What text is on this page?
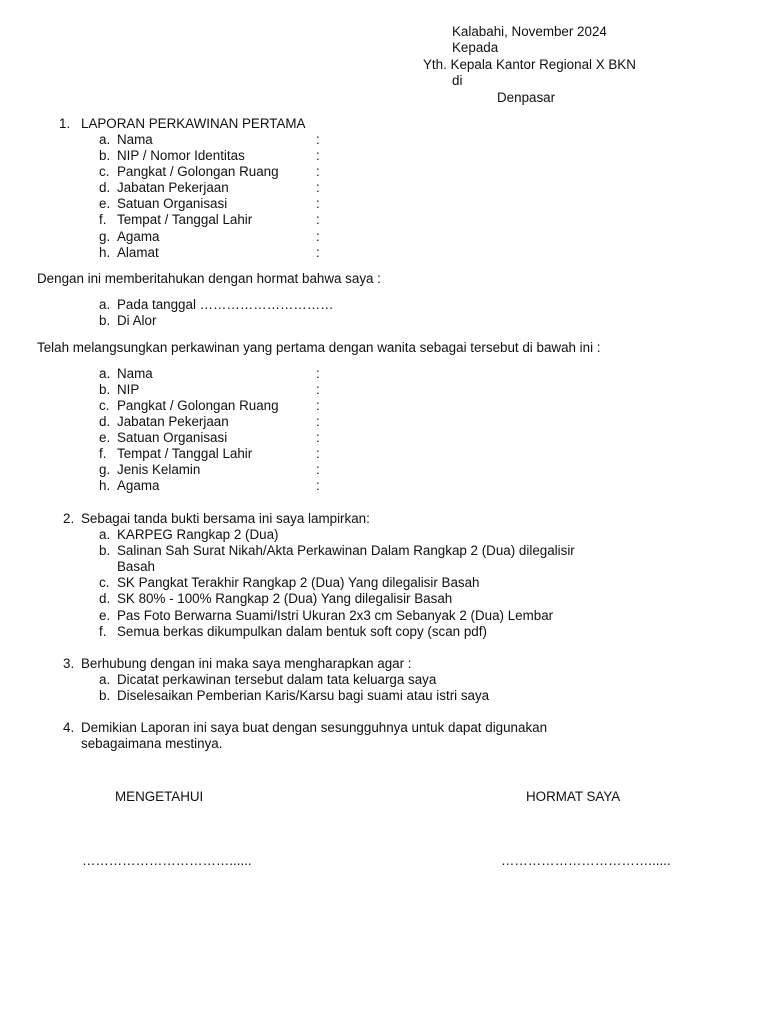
Kalabahi, November 2024
Kepada
Yth. Kepala Kantor Regional X BKN
di
Denpasar
1. LAPORAN PERKAWINAN PERTAMA
a. Nama	:
b. NIP / Nomor Identitas	:
c. Pangkat / Golongan Ruang	:
d. Jabatan Pekerjaan	:
e. Satuan Organisasi	:
f. Tempat / Tanggal Lahir	:
g. Agama	:
h. Alamat	:
Dengan ini memberitahukan dengan hormat bahwa saya :
a. Pada tanggal …………………………
b. Di Alor
Telah melangsungkan perkawinan yang pertama dengan wanita sebagai tersebut di bawah ini :
a. Nama	:
b. NIP	:
c. Pangkat / Golongan Ruang	:
d. Jabatan Pekerjaan	:
e. Satuan Organisasi	:
f. Tempat / Tanggal Lahir	:
g. Jenis Kelamin	:
h. Agama	:
2. Sebagai tanda bukti bersama ini saya lampirkan:
a. KARPEG Rangkap 2 (Dua)
b. Salinan Sah Surat Nikah/Akta Perkawinan Dalam Rangkap 2 (Dua) dilegalisir
Basah
c. SK Pangkat Terakhir Rangkap 2 (Dua) Yang dilegalisir Basah
d. SK 80% - 100% Rangkap 2 (Dua) Yang dilegalisir Basah
e. Pas Foto Berwarna Suami/Istri Ukuran 2x3 cm Sebanyak 2 (Dua) Lembar
f. Semua berkas dikumpulkan dalam bentuk soft copy (scan pdf)
3. Berhubung dengan ini maka saya mengharapkan agar :
a. Dicatat perkawinan tersebut dalam tata keluarga saya
b. Diselesaikan Pemberian Karis/Karsu bagi suami atau istri saya
4. Demikian Laporan ini saya buat dengan sesungguhnya untuk dapat digunakan
sebagaimana mestinya.
MENGETAHUI	HORMAT SAYA
……………………………......	……………………………......
